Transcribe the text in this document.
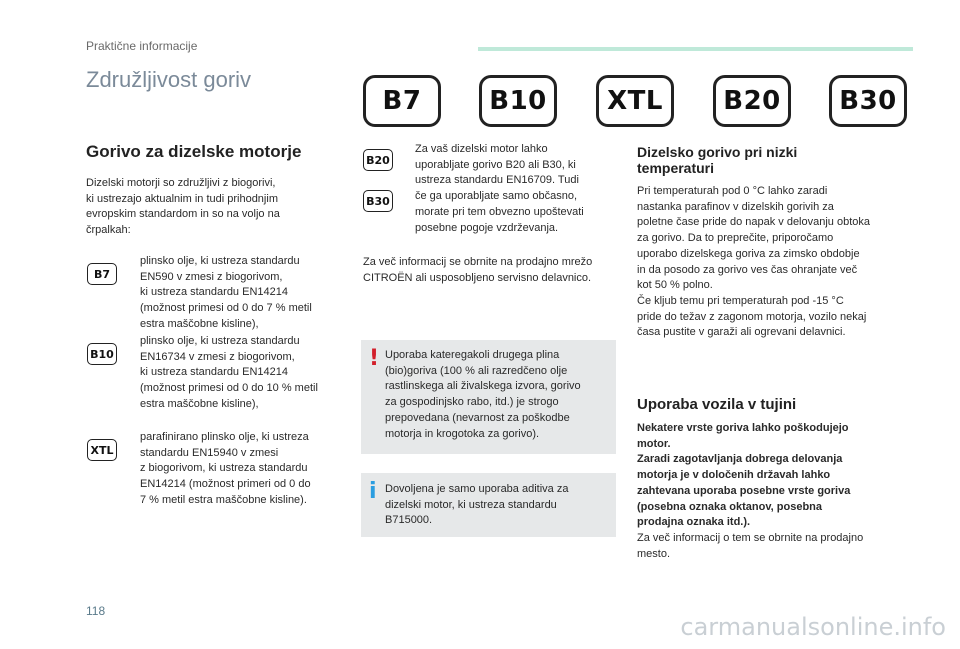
Praktične informacije
Združljivost goriv
B7	B10	XTL	B20	B30
Gorivo za dizelske motorje
Dizelski motorji so združljivi z biogorivi,
ki ustrezajo aktualnim in tudi prihodnjim
evropskim standardom in so na voljo na
črpalkah:
B7
plinsko olje, ki ustreza standardu
EN590 v zmesi z biogorivom,
ki ustreza standardu EN14214
(možnost primesi od 0 do 7 % metil
estra maščobne kisline),
B10
plinsko olje, ki ustreza standardu
EN16734 v zmesi z biogorivom,
ki ustreza standardu EN14214
(možnost primesi od 0 do 10 % metil
estra maščobne kisline),
XTL
parafinirano plinsko olje, ki ustreza
standardu EN15940 v zmesi
z biogorivom, ki ustreza standardu
EN14214 (možnost primeri od 0 do
7 % metil estra maščobne kisline).
B20
B30
Za vaš dizelski motor lahko
uporabljate gorivo B20 ali B30, ki
ustreza standardu EN16709. Tudi
če ga uporabljate samo občasno,
morate pri tem obvezno upoštevati
posebne pogoje vzdrževanja.
Za več informacij se obrnite na prodajno mrežo
CITROËN ali usposobljeno servisno delavnico.
! Uporaba kateregakoli drugega plina
(bio)goriva (100 % ali razredčeno olje
rastlinskega ali živalskega izvora, gorivo
za gospodinjsko rabo, itd.) je strogo
prepovedana (nevarnost za poškodbe
motorja in krogotoka za gorivo).
i Dovoljena je samo uporaba aditiva za
dizelski motor, ki ustreza standardu
B715000.
Dizelsko gorivo pri nizki
temperaturi
Pri temperaturah pod 0 °C lahko zaradi
nastanka parafinov v dizelskih gorivih za
poletne čase pride do napak v delovanju obtoka
za gorivo. Da to preprečite, priporočamo
uporabo dizelskega goriva za zimsko obdobje
in da posodo za gorivo ves čas ohranjate več
kot 50 % polno.
Če kljub temu pri temperaturah pod -15 °C
pride do težav z zagonom motorja, vozilo nekaj
časa pustite v garaži ali ogrevani delavnici.
Uporaba vozila v tujini
Nekatere vrste goriva lahko poškodujejo
motor.
Zaradi zagotavljanja dobrega delovanja
motorja je v določenih državah lahko
zahtevana uporaba posebne vrste goriva
(posebna oznaka oktanov, posebna
prodajna oznaka itd.).
Za več informacij o tem se obrnite na prodajno
mesto.
118
carmanualsonline.info
